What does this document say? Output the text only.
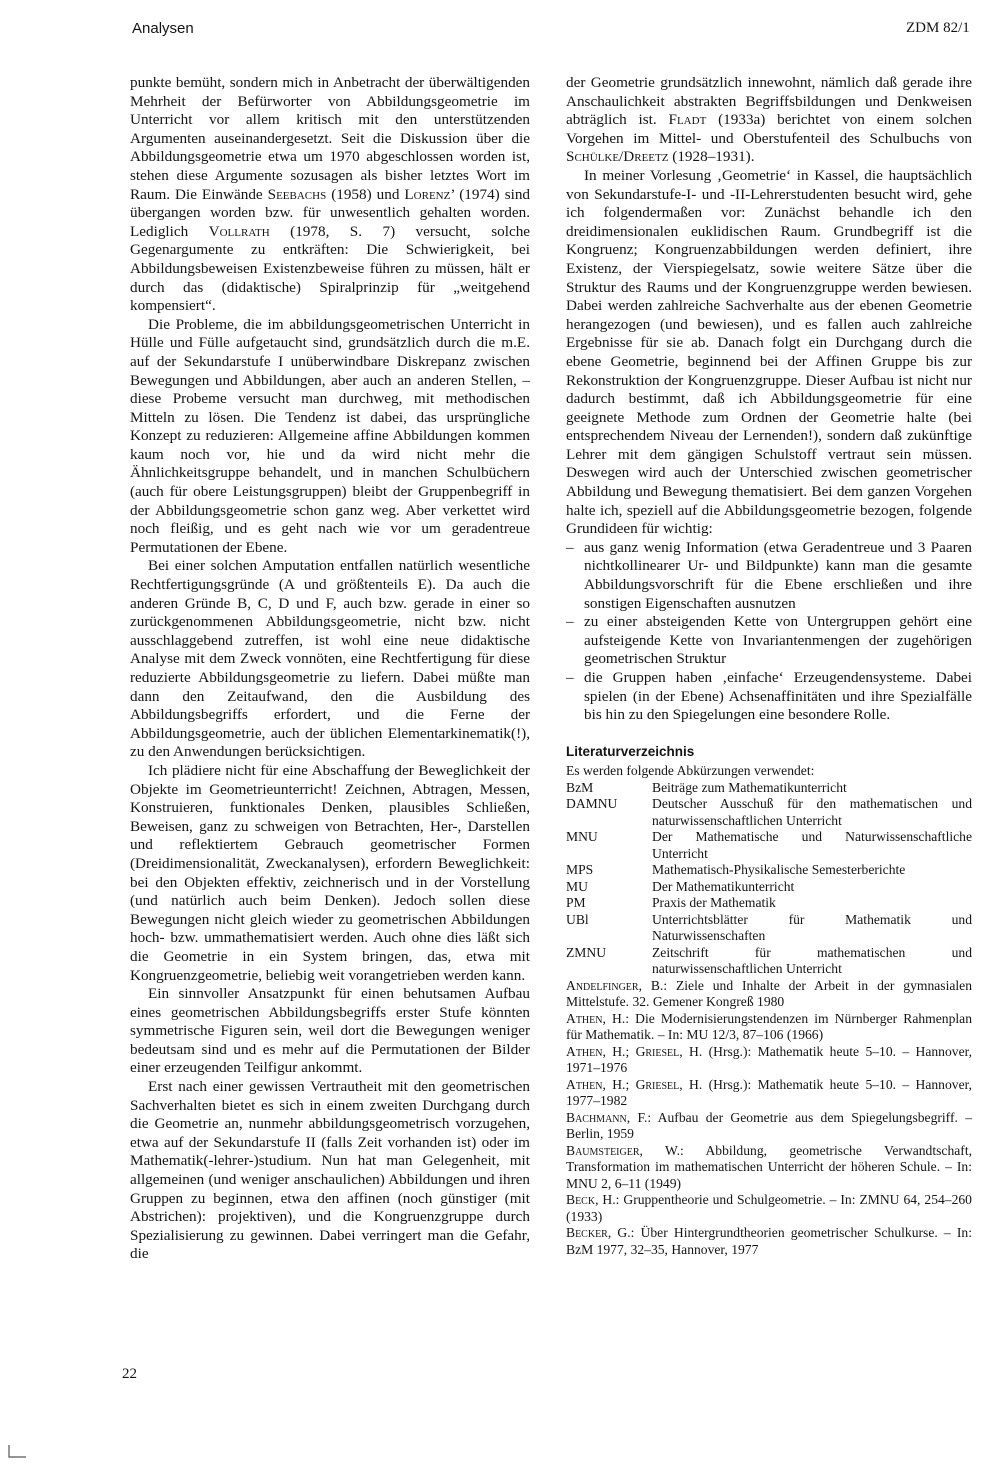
Analysen	ZDM 82/1

punkte bemüht, sondern mich in Anbetracht der überwältigenden Mehrheit der Befürworter von Abbildungsgeometrie im Unterricht vor allem kritisch mit den unterstützenden Argumenten auseinandergesetzt. Seit die Diskussion über die Abbildungsgeometrie etwa um 1970 abgeschlossen worden ist, stehen diese Argumente sozusagen als bisher letztes Wort im Raum. Die Einwände Seebachs (1958) und Lorenz’ (1974) sind übergangen worden bzw. für unwesentlich gehalten worden. Lediglich Vollrath (1978, S. 7) versucht, solche Gegenargumente zu entkräften: Die Schwierigkeit, bei Abbildungsbeweisen Existenzbeweise führen zu müssen, hält er durch das (didaktische) Spiralprinzip für „weitgehend kompensiert“.

Die Probleme, die im abbildungsgeometrischen Unterricht in Hülle und Fülle aufgetaucht sind, grundsätzlich durch die m.E. auf der Sekundarstufe I unüberwindbare Diskrepanz zwischen Bewegungen und Abbildungen, aber auch an anderen Stellen, – diese Probeme versucht man durchweg, mit methodischen Mitteln zu lösen. Die Tendenz ist dabei, das ursprüngliche Konzept zu reduzieren: Allgemeine affine Abbildungen kommen kaum noch vor, hie und da wird nicht mehr die Ähnlichkeitsgruppe behandelt, und in manchen Schulbüchern (auch für obere Leistungsgruppen) bleibt der Gruppenbegriff in der Abbildungsgeometrie schon ganz weg. Aber verkettet wird noch fleißig, und es geht nach wie vor um geradentreue Permutationen der Ebene.

Bei einer solchen Amputation entfallen natürlich wesentliche Rechtfertigungsgründe (A und größtenteils E). Da auch die anderen Gründe B, C, D und F, auch bzw. gerade in einer so zurückgenommenen Abbildungsgeometrie, nicht bzw. nicht ausschlaggebend zutreffen, ist wohl eine neue didaktische Analyse mit dem Zweck vonnöten, eine Rechtfertigung für diese reduzierte Abbildungsgeometrie zu liefern. Dabei müßte man dann den Zeitaufwand, den die Ausbildung des Abbildungsbegriffs erfordert, und die Ferne der Abbildungsgeometrie, auch der üblichen Elementarkinematik(!), zu den Anwendungen berücksichtigen.

Ich plädiere nicht für eine Abschaffung der Beweglichkeit der Objekte im Geometrieunterricht! Zeichnen, Abtragen, Messen, Konstruieren, funktionales Denken, plausibles Schließen, Beweisen, ganz zu schweigen von Betrachten, Her-, Darstellen und reflektiertem Gebrauch geometrischer Formen (Dreidimensionalität, Zweckanalysen), erfordern Beweglichkeit: bei den Objekten effektiv, zeichnerisch und in der Vorstellung (und natürlich auch beim Denken). Jedoch sollen diese Bewegungen nicht gleich wieder zu geometrischen Abbildungen hoch- bzw. ummathematisiert werden. Auch ohne dies läßt sich die Geometrie in ein System bringen, das, etwa mit Kongruenzgeometrie, beliebig weit vorangetrieben werden kann.

Ein sinnvoller Ansatzpunkt für einen behutsamen Aufbau eines geometrischen Abbildungsbegriffs erster Stufe könnten symmetrische Figuren sein, weil dort die Bewegungen weniger bedeutsam sind und es mehr auf die Permutationen der Bilder einer erzeugenden Teilfigur ankommt.

Erst nach einer gewissen Vertrautheit mit den geometrischen Sachverhalten bietet es sich in einem zweiten Durchgang durch die Geometrie an, nunmehr abbildungsgeometrisch vorzugehen, etwa auf der Sekundarstufe II (falls Zeit vorhanden ist) oder im Mathematik(-lehrer-)studium. Nun hat man Gelegenheit, mit allgemeinen (und weniger anschaulichen) Abbildungen und ihren Gruppen zu beginnen, etwa den affinen (noch günstiger (mit Abstrichen): projektiven), und die Kongruenzgruppe durch Spezialisierung zu gewinnen. Dabei verringert man die Gefahr, die

der Geometrie grundsätzlich innewohnt, nämlich daß gerade ihre Anschaulichkeit abstrakten Begriffsbildungen und Denkweisen abträglich ist. Fladt (1933a) berichtet von einem solchen Vorgehen im Mittel- und Oberstufenteil des Schulbuchs von Schülke/Dreetz (1928–1931).

In meiner Vorlesung ‚Geometrie‘ in Kassel, die hauptsächlich von Sekundarstufe-I- und -II-Lehrerstudenten besucht wird, gehe ich folgendermaßen vor: Zunächst behandle ich den dreidimensionalen euklidischen Raum. Grundbegriff ist die Kongruenz; Kongruenzabbildungen werden definiert, ihre Existenz, der Vierspiegelsatz, sowie weitere Sätze über die Struktur des Raums und der Kongruenzgruppe werden bewiesen. Dabei werden zahlreiche Sachverhalte aus der ebenen Geometrie herangezogen (und bewiesen), und es fallen auch zahlreiche Ergebnisse für sie ab. Danach folgt ein Durchgang durch die ebene Geometrie, beginnend bei der Affinen Gruppe bis zur Rekonstruktion der Kongruenzgruppe. Dieser Aufbau ist nicht nur dadurch bestimmt, daß ich Abbildungsgeometrie für eine geeignete Methode zum Ordnen der Geometrie halte (bei entsprechendem Niveau der Lernenden!), sondern daß zukünftige Lehrer mit dem gängigen Schulstoff vertraut sein müssen. Deswegen wird auch der Unterschied zwischen geometrischer Abbildung und Bewegung thematisiert. Bei dem ganzen Vorgehen halte ich, speziell auf die Abbildungsgeometrie bezogen, folgende Grundideen für wichtig:

– aus ganz wenig Information (etwa Geradentreue und 3 Paaren nichtkollinearer Ur- und Bildpunkte) kann man die gesamte Abbildungsvorschrift für die Ebene erschließen und ihre sonstigen Eigenschaften ausnutzen
– zu einer absteigenden Kette von Untergruppen gehört eine aufsteigende Kette von Invariantenmengen der zugehörigen geometrischen Struktur
– die Gruppen haben ‚einfache‘ Erzeugendensysteme. Dabei spielen (in der Ebene) Achsenaffinitäten und ihre Spezialfälle bis hin zu den Spiegelungen eine besondere Rolle.
Literaturverzeichnis

Es werden folgende Abkürzungen verwendet:

BzM	Beiträge zum Mathematikunterricht
DAMNU	Deutscher Ausschuß für den mathematischen und naturwissenschaftlichen Unterricht
MNU	Der Mathematische und Naturwissenschaftliche Unterricht
MPS	Mathematisch-Physikalische Semesterberichte
MU	Der Mathematikunterricht
PM	Praxis der Mathematik
UBl	Unterrichtsblätter für Mathematik und Naturwissenschaften
ZMNU	Zeitschrift für mathematischen und naturwissenschaftlichen Unterricht

Andelfinger, B.: Ziele und Inhalte der Arbeit in der gymnasialen Mittelstufe. 32. Gemener Kongreß 1980

Athen, H.: Die Modernisierungstendenzen im Nürnberger Rahmenplan für Mathematik. – In: MU 12/3, 87–106 (1966)

Athen, H.; Griesel, H. (Hrsg.): Mathematik heute 5–10. – Hannover, 1971–1976

Athen, H.; Griesel, H. (Hrsg.): Mathematik heute 5–10. – Hannover, 1977–1982

Bachmann, F.: Aufbau der Geometrie aus dem Spiegelungsbegriff. – Berlin, 1959

Baumsteiger, W.: Abbildung, geometrische Verwandtschaft, Transformation im mathematischen Unterricht der höheren Schule. – In: MNU 2, 6–11 (1949)

Beck, H.: Gruppentheorie und Schulgeometrie. – In: ZMNU 64, 254–260 (1933)

Becker, G.: Über Hintergrundtheorien geometrischer Schulkurse. – In: BzM 1977, 32–35, Hannover, 1977

22
